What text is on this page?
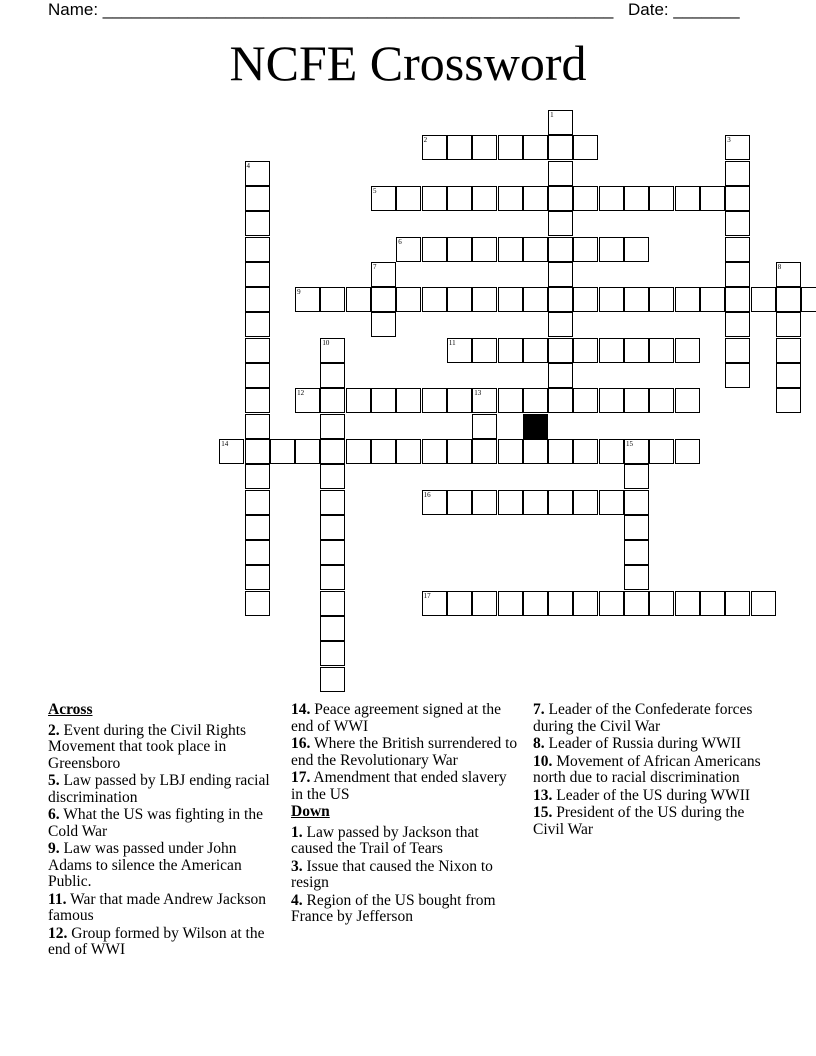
Name: ______________________________________________________ Date: _______
NCFE Crossword
1
2	3
4
5
6
7	8
9
10	11
12	13
14	15
16
17
Across
2. Event during the Civil Rights Movement that took place in Greensboro
5. Law passed by LBJ ending racial discrimination
6. What the US was fighting in the Cold War
9. Law was passed under John Adams to silence the American Public.
11. War that made Andrew Jackson famous
12. Group formed by Wilson at the end of WWI
14. Peace agreement signed at the end of WWI
16. Where the British surrendered to end the Revolutionary War
17. Amendment that ended slavery in the US
Down
1. Law passed by Jackson that caused the Trail of Tears
3. Issue that caused the Nixon to resign
4. Region of the US bought from France by Jefferson
7. Leader of the Confederate forces during the Civil War
8. Leader of Russia during WWII
10. Movement of African Americans north due to racial discrimination
13. Leader of the US during WWII
15. President of the US during the Civil War
